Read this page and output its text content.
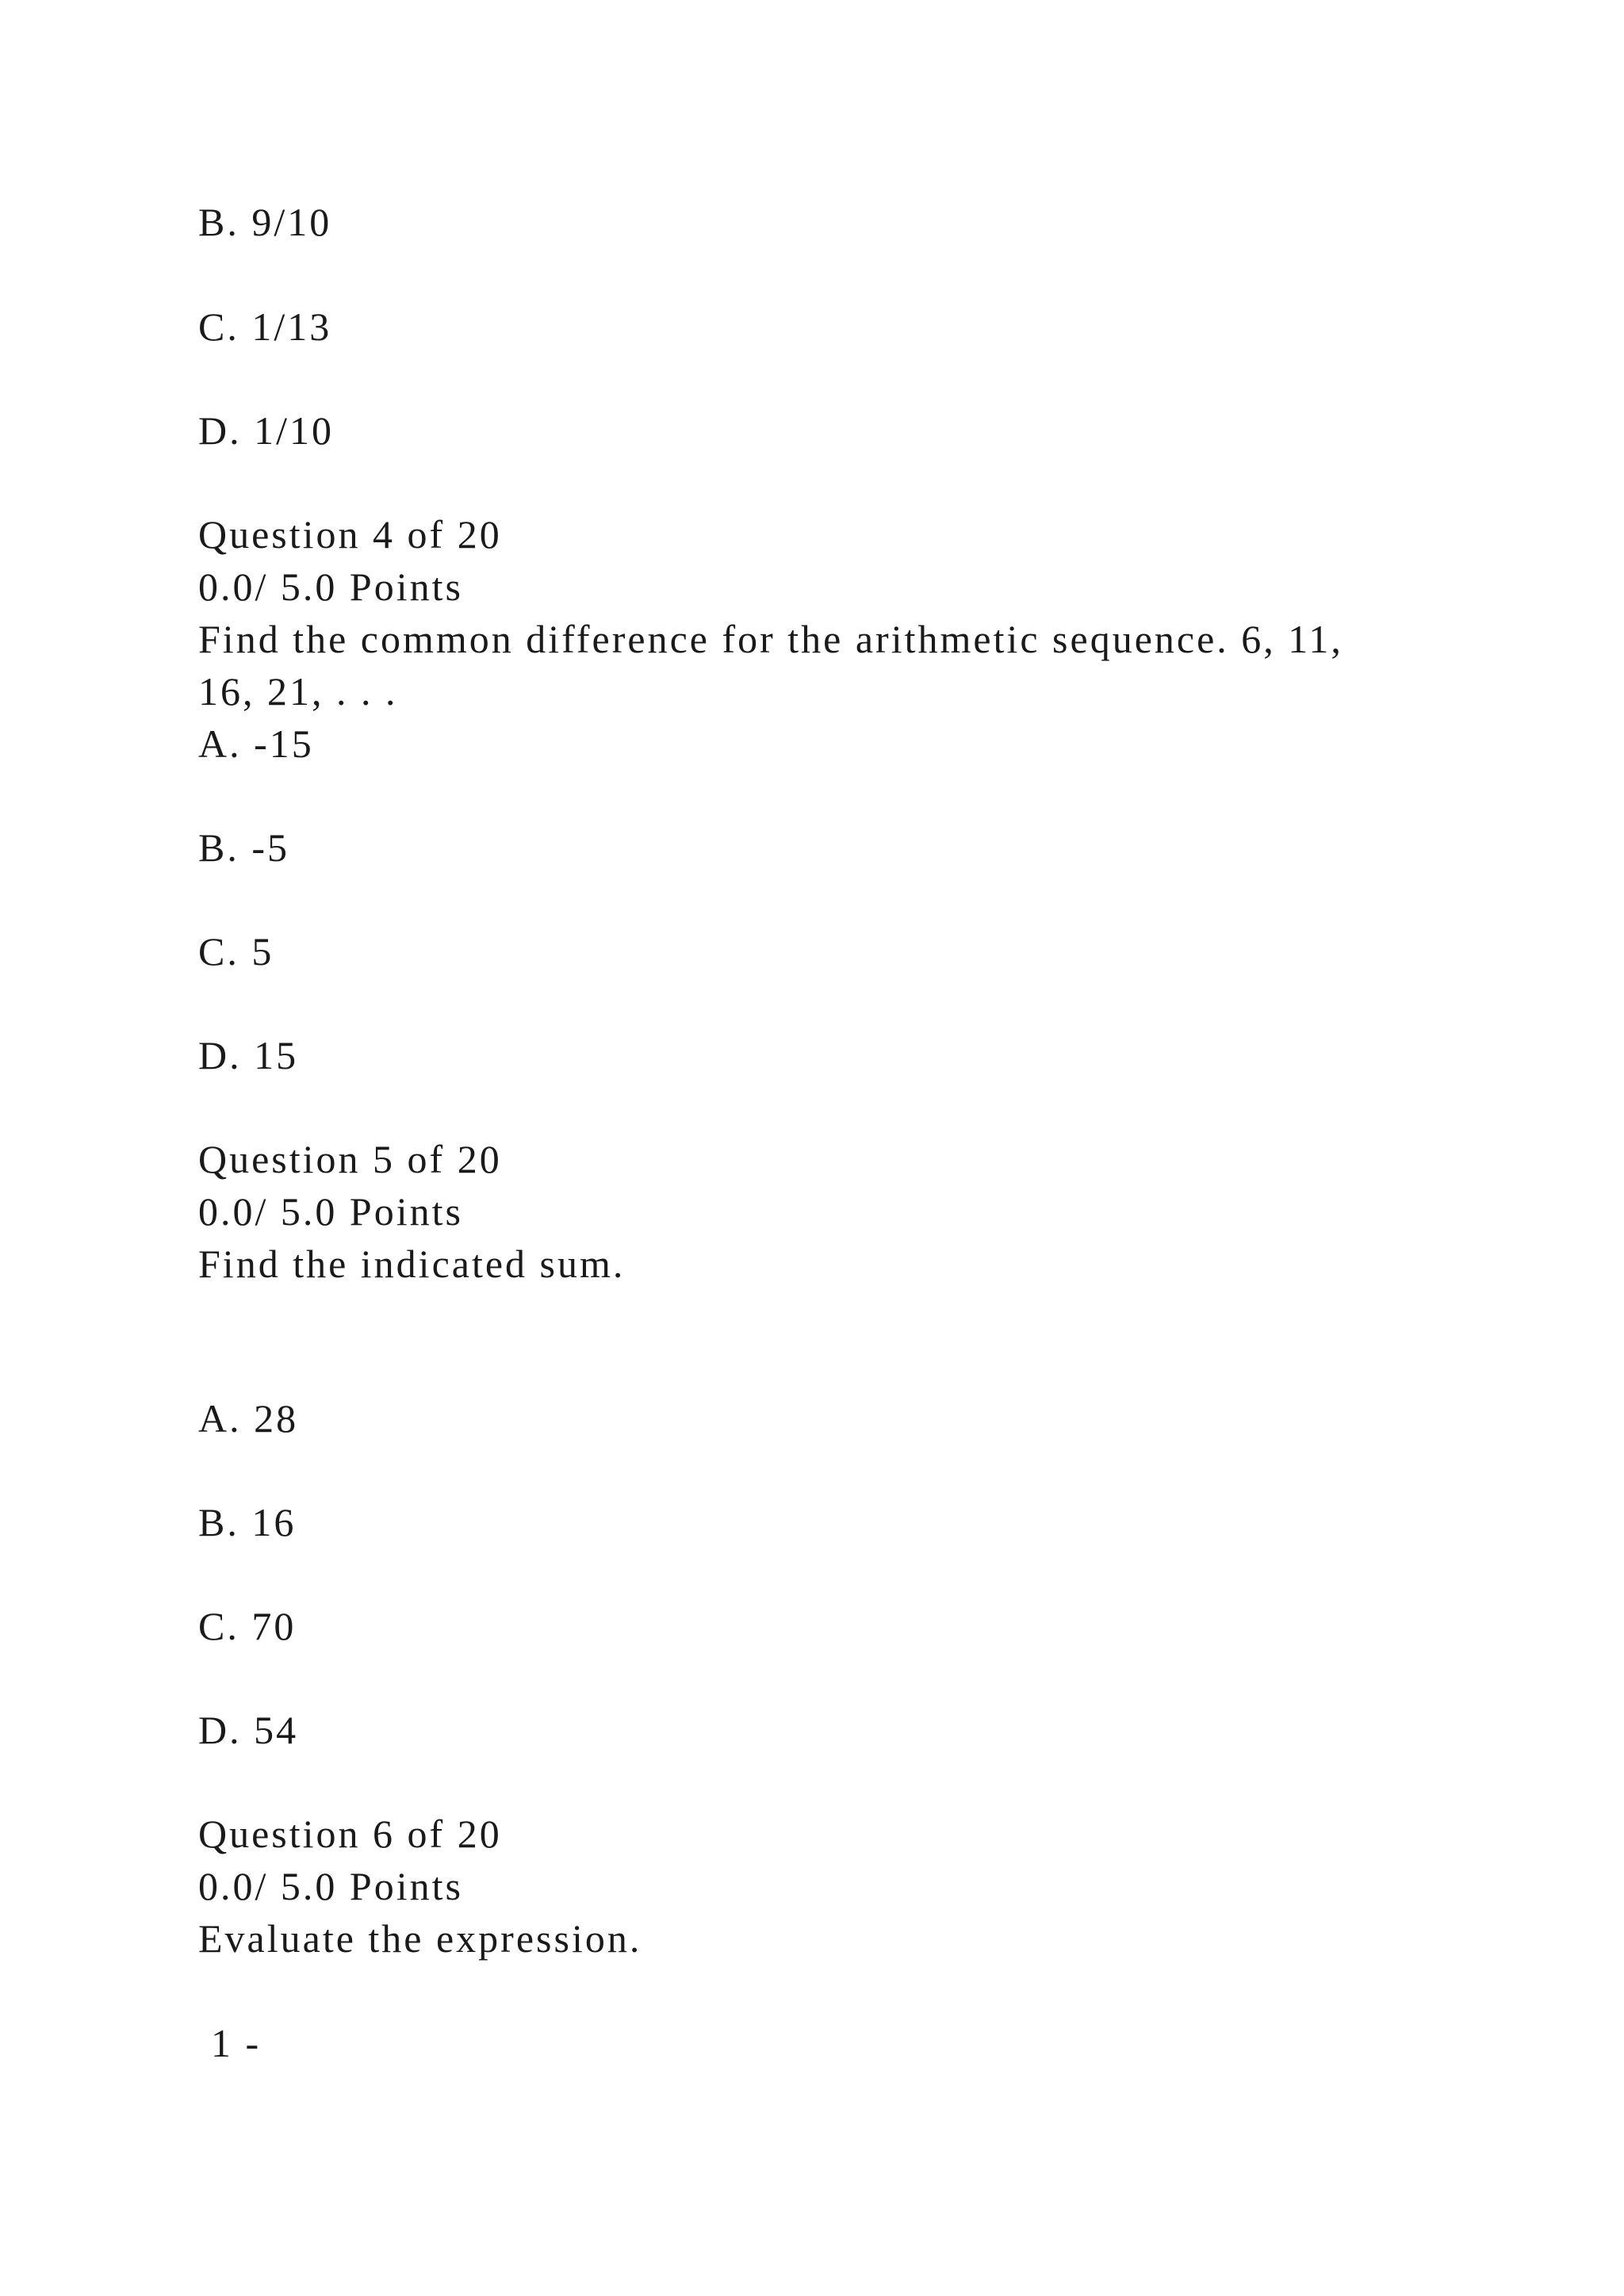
B. 9/10
C. 1/13
D. 1/10
Question 4 of 20
0.0/ 5.0 Points
Find the common difference for the arithmetic sequence. 6, 11,
16, 21, . . .
A. -15
B. -5
C. 5
D. 15
Question 5 of 20
0.0/ 5.0 Points
Find the indicated sum.
A. 28
B. 16
C. 70
D. 54
Question 6 of 20
0.0/ 5.0 Points
Evaluate the expression.
1 -
